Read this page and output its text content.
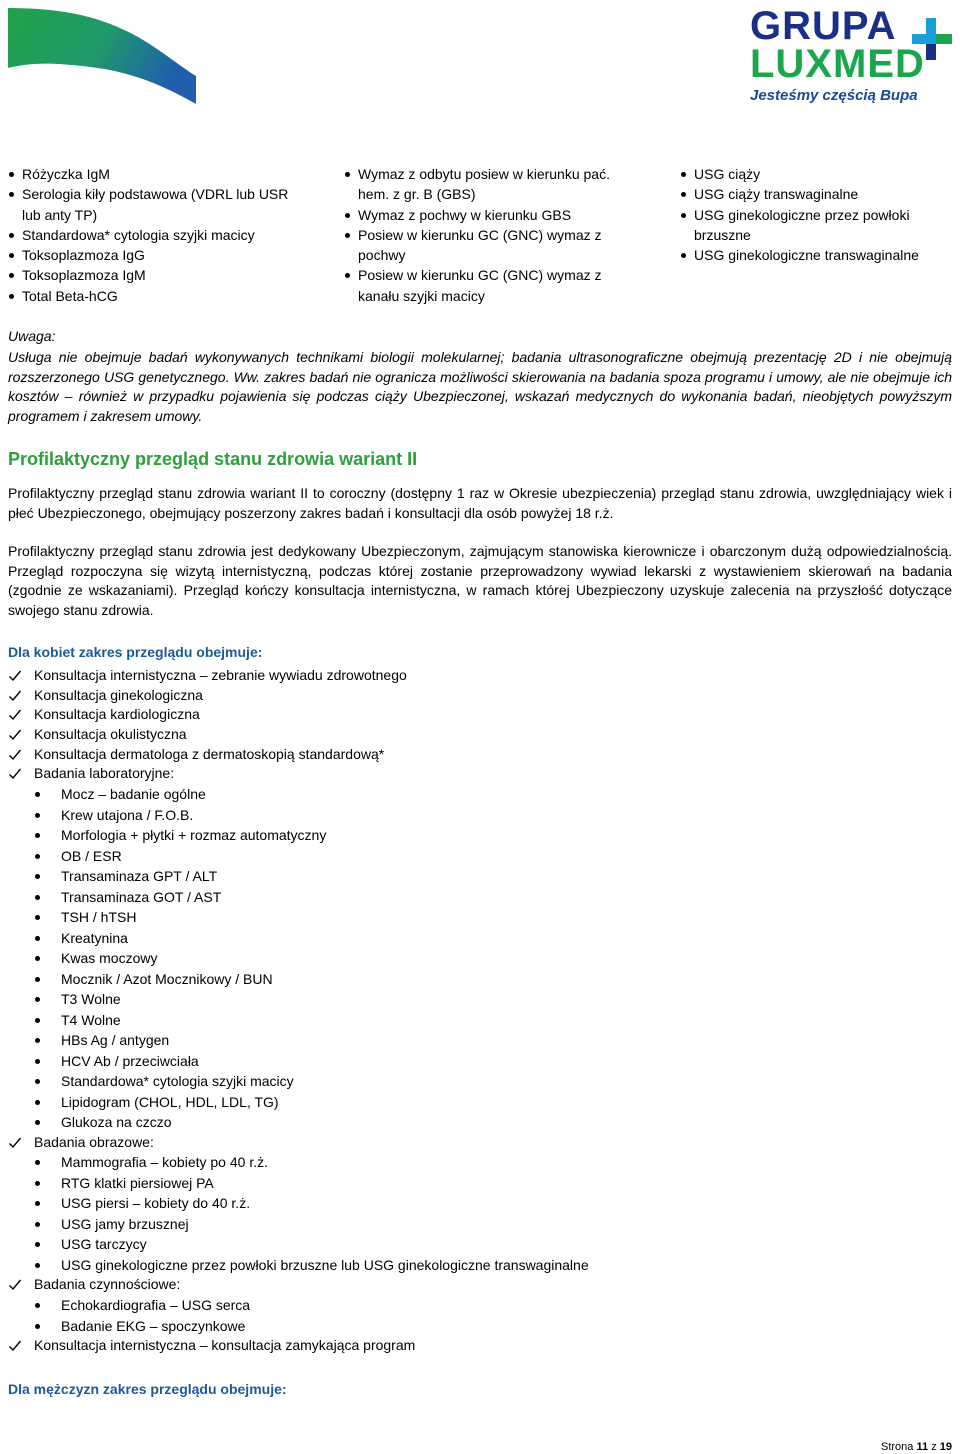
GRUPA
LUXMED
Jesteśmy częścią Bupa
Różyczka IgM
Serologia kiły podstawowa (VDRL lub USR lub anty TP)
Standardowa* cytologia szyjki macicy
Toksoplazmoza IgG
Toksoplazmoza IgM
Total Beta-hCG
Wymaz z odbytu posiew w kierunku pać. hem. z gr. B (GBS)
Wymaz z pochwy w kierunku GBS
Posiew w kierunku GC (GNC) wymaz z pochwy
Posiew w kierunku GC (GNC) wymaz z kanału szyjki macicy
USG ciąży
USG ciąży transwaginalne
USG ginekologiczne przez powłoki brzuszne
USG ginekologiczne transwaginalne
Uwaga:
Usługa nie obejmuje badań wykonywanych technikami biologii molekularnej; badania ultrasonograficzne obejmują prezentację 2D i nie obejmują rozszerzonego USG genetycznego. Ww. zakres badań nie ogranicza możliwości skierowania na badania spoza programu i umowy, ale nie obejmuje ich kosztów – również w przypadku pojawienia się podczas ciąży Ubezpieczonej, wskazań medycznych do wykonania badań, nieobjętych powyższym programem i zakresem umowy.
Profilaktyczny przegląd stanu zdrowia wariant II
Profilaktyczny przegląd stanu zdrowia wariant II to coroczny (dostępny 1 raz w Okresie ubezpieczenia) przegląd stanu zdrowia, uwzględniający wiek i płeć Ubezpieczonego, obejmujący poszerzony zakres badań i konsultacji dla osób powyżej 18 r.ż.
Profilaktyczny przegląd stanu zdrowia jest dedykowany Ubezpieczonym, zajmującym stanowiska kierownicze i obarczonym dużą odpowiedzialnością. Przegląd rozpoczyna się wizytą internistyczną, podczas której zostanie przeprowadzony wywiad lekarski z wystawieniem skierowań na badania (zgodnie ze wskazaniami). Przegląd kończy konsultacja internistyczna, w ramach której Ubezpieczony uzyskuje zalecenia na przyszłość dotyczące swojego stanu zdrowia.
Dla kobiet zakres przeglądu obejmuje:
Konsultacja internistyczna – zebranie wywiadu zdrowotnego
Konsultacja ginekologiczna
Konsultacja kardiologiczna
Konsultacja okulistyczna
Konsultacja dermatologa z dermatoskopią standardową*
Badania laboratoryjne:
Mocz – badanie ogólne
Krew utajona / F.O.B.
Morfologia + płytki + rozmaz automatyczny
OB / ESR
Transaminaza GPT / ALT
Transaminaza GOT / AST
TSH / hTSH
Kreatynina
Kwas moczowy
Mocznik / Azot Mocznikowy / BUN
T3 Wolne
T4 Wolne
HBs Ag / antygen
HCV Ab / przeciwciała
Standardowa* cytologia szyjki macicy
Lipidogram (CHOL, HDL, LDL, TG)
Glukoza na czczo
Badania obrazowe:
Mammografia – kobiety po 40 r.ż.
RTG klatki piersiowej PA
USG piersi – kobiety do 40 r.ż.
USG jamy brzusznej
USG tarczycy
USG ginekologiczne przez powłoki brzuszne lub USG ginekologiczne transwaginalne
Badania czynnościowe:
Echokardiografia – USG serca
Badanie EKG – spoczynkowe
Konsultacja internistyczna – konsultacja zamykająca program
Dla mężczyzn zakres przeglądu obejmuje:
Strona 11 z 19
